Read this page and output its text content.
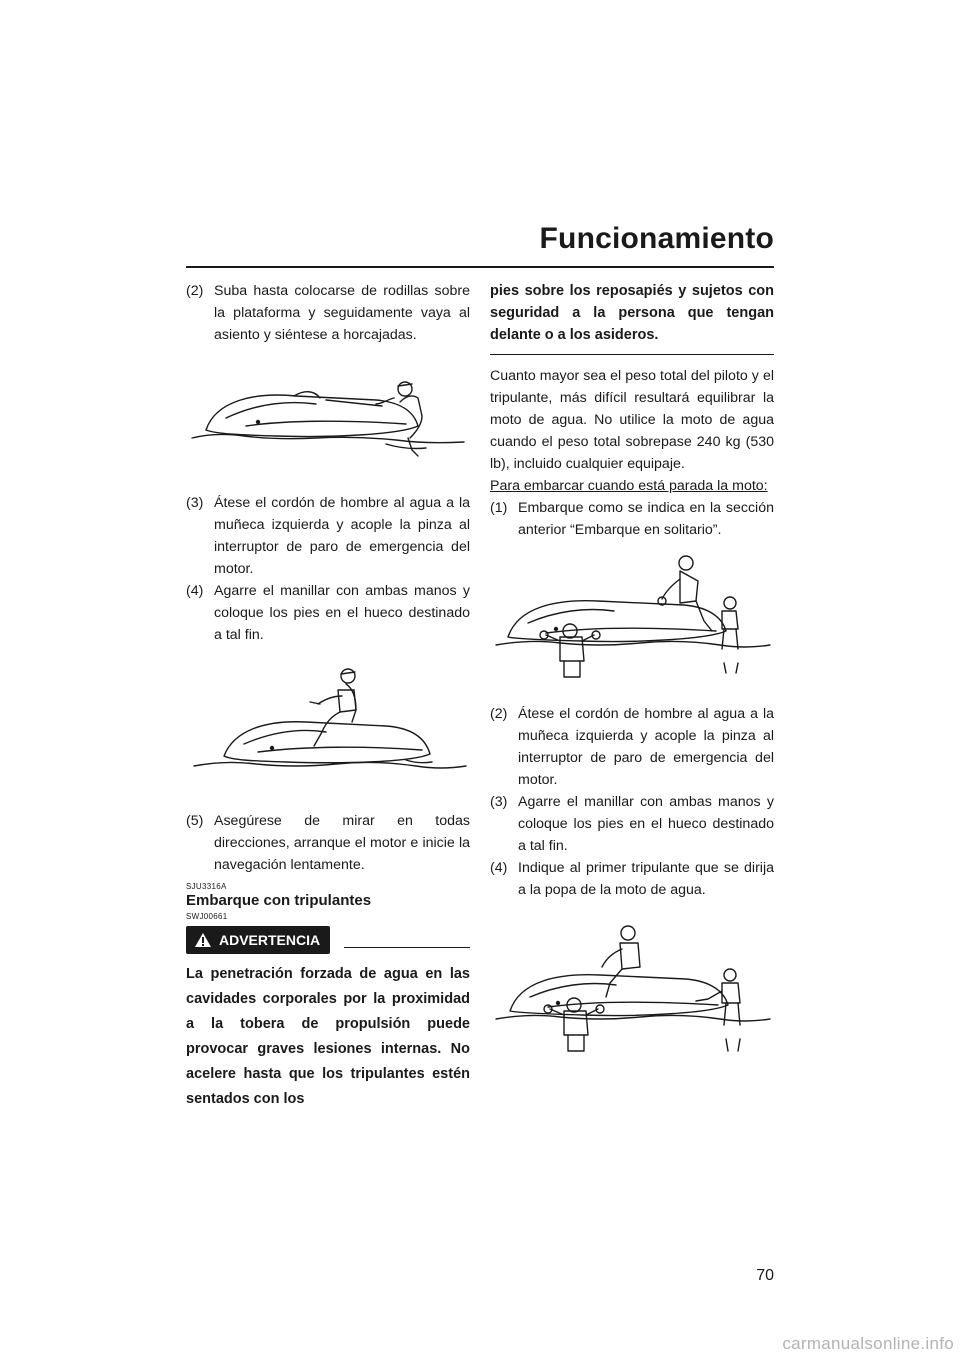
Funcionamiento

(2) Suba hasta colocarse de rodillas sobre la plataforma y seguidamente vaya al asiento y siéntese a horcajadas.

(3) Átese el cordón de hombre al agua a la muñeca izquierda y acople la pinza al interruptor de paro de emergencia del motor.

(4) Agarre el manillar con ambas manos y coloque los pies en el hueco destinado a tal fin.

(5) Asegúrese de mirar en todas direcciones, arranque el motor e inicie la navegación lentamente.

SJU3316A
Embarque con tripulantes
SWJ00661
ADVERTENCIA

La penetración forzada de agua en las cavidades corporales por la proximidad a la tobera de propulsión puede provocar graves lesiones internas. No acelere hasta que los tripulantes estén sentados con los

pies sobre los reposapiés y sujetos con seguridad a la persona que tengan delante o a los asideros.

Cuanto mayor sea el peso total del piloto y el tripulante, más difícil resultará equilibrar la moto de agua. No utilice la moto de agua cuando el peso total sobrepase 240 kg (530 lb), incluido cualquier equipaje.

Para embarcar cuando está parada la moto:

(1) Embarque como se indica en la sección anterior “Embarque en solitario”.

(2) Átese el cordón de hombre al agua a la muñeca izquierda y acople la pinza al interruptor de paro de emergencia del motor.

(3) Agarre el manillar con ambas manos y coloque los pies en el hueco destinado a tal fin.

(4) Indique al primer tripulante que se dirija a la popa de la moto de agua.

70
carmanualsonline.info
